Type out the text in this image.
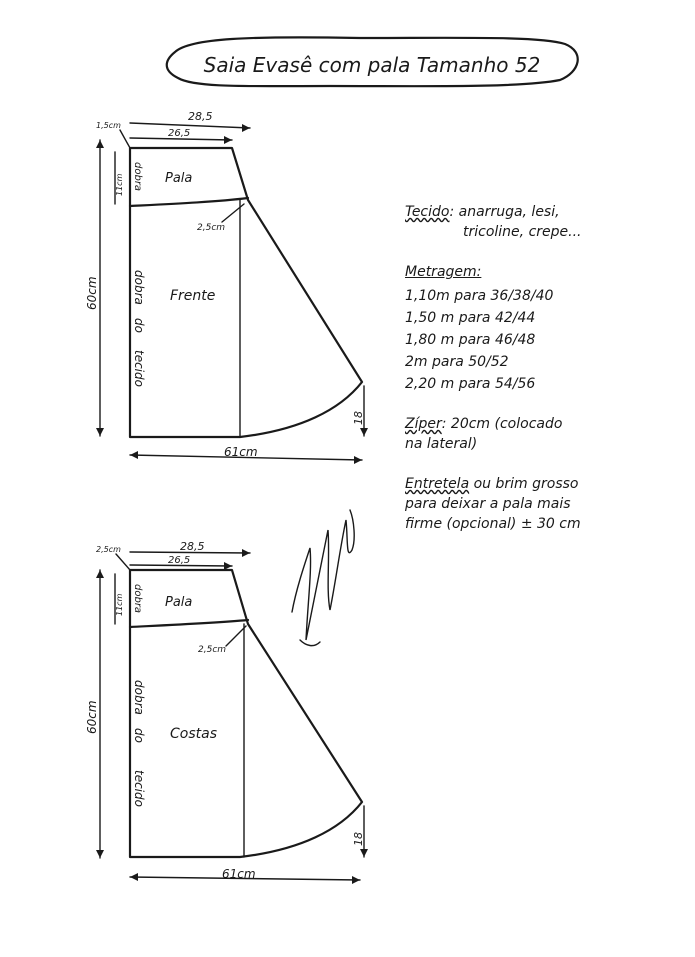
Saia Evasê com pala Tamanho 52
28,5
26,5
1,5cm
60cm
11cm dobra
dobra
do
tecido
Pala
Frente
2,5cm
61cm
18
28,5
26,5
2,5cm
60cm
11cm dobra
dobra
do
tecido
Pala
Costas
2,5cm
61cm
18
Tecido: anarruga, lesi,
tricoline, crepe...
Metragem:
1,10m para 36/38/40
1,50 m para 42/44
1,80 m para 46/48
2m para 50/52
2,20 m para 54/56
Zíper: 20cm (colocado
na lateral)
Entretela ou brim grosso
para deixar a pala mais
firme (opcional) ± 30 cm
